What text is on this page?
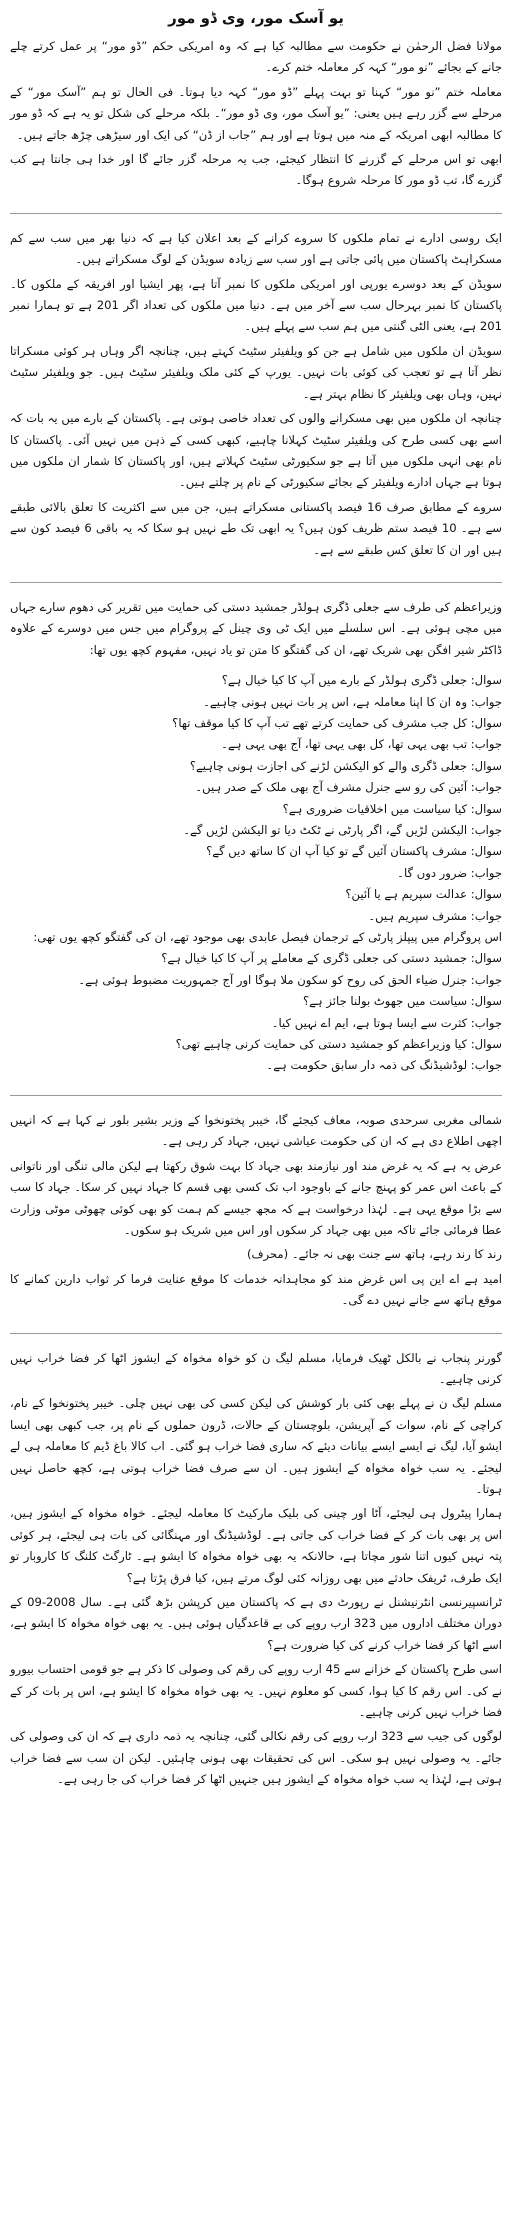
یو آسک مور، وی ڈو مور

مولانا فضل الرحمٰن نے حکومت سے مطالبہ کیا ہے کہ وہ امریکی حکم ”ڈو مور“ پر عمل کرتے چلے جانے کے بجائے ”نو مور“ کہہ کر معاملہ ختم کرے۔

معاملہ ختم ”نو مور“ کہنا تو بہت پہلے ”ڈو مور“ کہہ دیا ہوتا۔ فی الحال تو ہم ”آسک مور“ کے مرحلے سے گزر رہے ہیں یعنی: ”یو آسک مور، وی ڈو مور“۔ بلکہ مرحلے کی شکل تو یہ ہے کہ ڈو مور کا مطالبہ ابھی امریکہ کے منہ میں ہوتا ہے اور ہم ”جاب از ڈن“ کی ایک اور سیڑھی چڑھ جاتے ہیں۔

ابھی تو اس مرحلے کے گزرنے کا انتظار کیجئے، جب یہ مرحلہ گزر جائے گا اور خدا ہی جانتا ہے کب گزرے گا، تب ڈو مور کا مرحلہ شروع ہوگا۔

ایک روسی ادارے نے تمام ملکوں کا سروے کرانے کے بعد اعلان کیا ہے کہ دنیا بھر میں سب سے کم مسکراہٹ پاکستان میں پائی جاتی ہے اور سب سے زیادہ سویڈن کے لوگ مسکراتے ہیں۔

سویڈن کے بعد دوسرے یورپی اور امریکی ملکوں کا نمبر آتا ہے، پھر ایشیا اور افریقہ کے ملکوں کا۔ پاکستان کا نمبر بہرحال سب سے آخر میں ہے۔ دنیا میں ملکوں کی تعداد اگر 201 ہے تو ہمارا نمبر 201 ہے، یعنی الٹی گنتی میں ہم سب سے پہلے ہیں۔

سویڈن ان ملکوں میں شامل ہے جن کو ویلفیئر سٹیٹ کہتے ہیں، چنانچہ اگر وہاں ہر کوئی مسکراتا نظر آتا ہے تو تعجب کی کوئی بات نہیں۔ یورپ کے کئی ملک ویلفیئر سٹیٹ ہیں۔ جو ویلفیئر سٹیٹ نہیں، وہاں بھی ویلفیئر کا نظام بہتر ہے۔

چنانچہ ان ملکوں میں بھی مسکرانے والوں کی تعداد خاصی ہوتی ہے۔ پاکستان کے بارے میں یہ بات کہ اسے بھی کسی طرح کی ویلفیئر سٹیٹ کہلانا چاہیے، کبھی کسی کے ذہن میں نہیں آئی۔ پاکستان کا نام بھی انہی ملکوں میں آتا ہے جو سکیورٹی سٹیٹ کہلاتے ہیں، اور پاکستان کا شمار ان ملکوں میں ہوتا ہے جہاں ادارے ویلفیئر کے بجائے سکیورٹی کے نام پر چلتے ہیں۔

سروے کے مطابق صرف 16 فیصد پاکستانی مسکراتے ہیں، جن میں سے اکثریت کا تعلق بالائی طبقے سے ہے۔ 10 فیصد ستم ظریف کون ہیں؟ یہ ابھی تک طے نہیں ہو سکا کہ یہ باقی 6 فیصد کون سے ہیں اور ان کا تعلق کس طبقے سے ہے۔

وزیراعظم کی طرف سے جعلی ڈگری ہولڈر جمشید دستی کی حمایت میں تقریر کی دھوم سارے جہاں میں مچی ہوئی ہے۔ اس سلسلے میں ایک ٹی وی چینل کے پروگرام میں جس میں دوسرے کے علاوہ ڈاکٹر شیر افگن بھی شریک تھے، ان کی گفتگو کا متن تو یاد نہیں، مفہوم کچھ یوں تھا:

سوال: جعلی ڈگری ہولڈر کے بارے میں آپ کا کیا خیال ہے؟

جواب: وہ ان کا اپنا معاملہ ہے، اس پر بات نہیں ہونی چاہیے۔

سوال: کل جب مشرف کی حمایت کرتے تھے تب آپ کا کیا موقف تھا؟

جواب: تب بھی یہی تھا، کل بھی یہی تھا، آج بھی یہی ہے۔

سوال: جعلی ڈگری والے کو الیکشن لڑنے کی اجازت ہونی چاہیے؟

جواب: آئین کی رو سے جنرل مشرف آج بھی ملک کے صدر ہیں۔

سوال: کیا سیاست میں اخلاقیات ضروری ہے؟

جواب: الیکشن لڑیں گے، اگر پارٹی نے ٹکٹ دیا تو الیکشن لڑیں گے۔

سوال: مشرف پاکستان آئیں گے تو کیا آپ ان کا ساتھ دیں گے؟

جواب: ضرور دوں گا۔

سوال: عدالت سپریم ہے یا آئین؟

جواب: مشرف سپریم ہیں۔

اس پروگرام میں پیپلز پارٹی کے ترجمان فیصل عابدی بھی موجود تھے، ان کی گفتگو کچھ یوں تھی:

سوال: جمشید دستی کی جعلی ڈگری کے معاملے پر آپ کا کیا خیال ہے؟

جواب: جنرل ضیاء الحق کی روح کو سکون ملا ہوگا اور آج جمہوریت مضبوط ہوئی ہے۔

سوال: سیاست میں جھوٹ بولنا جائز ہے؟

جواب: کثرت سے ایسا ہوتا ہے، ایم اے نہیں کیا۔

سوال: کیا وزیراعظم کو جمشید دستی کی حمایت کرنی چاہیے تھی؟

جواب: لوڈشیڈنگ کی ذمہ دار سابق حکومت ہے۔

شمالی مغربی سرحدی صوبہ، معاف کیجئے گا، خیبر پختونخوا کے وزیر بشیر بلور نے کہا ہے کہ انہیں اچھی اطلاع دی ہے کہ ان کی حکومت عیاشی نہیں، جہاد کر رہی ہے۔

عرض یہ ہے کہ یہ غرض مند اور نیازمند بھی جہاد کا بہت شوق رکھتا ہے لیکن مالی تنگی اور ناتوانی کے باعث اس عمر کو پہنچ جانے کے باوجود اب تک کسی بھی قسم کا جہاد نہیں کر سکا۔ جہاد کا سب سے بڑا موقع یہی ہے۔ لہٰذا درخواست ہے کہ مجھ جیسے کم ہمت کو بھی کوئی چھوٹی موٹی وزارت عطا فرمائی جائے تاکہ میں بھی جہاد کر سکوں اور اس میں شریک ہو سکوں۔

رند کا رند رہے، ہاتھ سے جنت بھی نہ جائے۔ (محرف)

امید ہے اے این پی اس غرض مند کو مجاہدانہ خدمات کا موقع عنایت فرما کر ثواب دارین کمانے کا موقع ہاتھ سے جانے نہیں دے گی۔

گورنر پنجاب نے بالکل ٹھیک فرمایا، مسلم لیگ ن کو خواہ مخواہ کے ایشوز اٹھا کر فضا خراب نہیں کرنی چاہیے۔

مسلم لیگ ن نے پہلے بھی کئی بار کوشش کی لیکن کسی کی بھی نہیں چلی۔ خیبر پختونخوا کے نام، کراچی کے نام، سوات کے آپریشن، بلوچستان کے حالات، ڈرون حملوں کے نام پر، جب کبھی بھی ایسا ایشو آیا، لیگ نے ایسے ایسے بیانات دیئے کہ ساری فضا خراب ہو گئی۔ اب کالا باغ ڈیم کا معاملہ ہی لے لیجئے۔ یہ سب خواہ مخواہ کے ایشوز ہیں۔ ان سے صرف فضا خراب ہوتی ہے، کچھ حاصل نہیں ہوتا۔

ہمارا پیٹرول ہی لیجئے، آٹا اور چینی کی بلیک مارکیٹ کا معاملہ لیجئے۔ خواہ مخواہ کے ایشوز ہیں، اس پر بھی بات کر کے فضا خراب کی جاتی ہے۔ لوڈشیڈنگ اور مہنگائی کی بات ہی لیجئے، ہر کوئی پتہ نہیں کیوں اتنا شور مچاتا ہے، حالانکہ یہ بھی خواہ مخواہ کا ایشو ہے۔ ٹارگٹ کلنگ کا کاروبار تو ایک طرف، ٹریفک حادثے میں بھی روزانہ کئی لوگ مرتے ہیں، کیا فرق پڑتا ہے؟

ٹرانسپیرنسی انٹرنیشنل نے رپورٹ دی ہے کہ پاکستان میں کرپشن بڑھ گئی ہے۔ سال 2008-09 کے دوران مختلف اداروں میں 323 ارب روپے کی بے قاعدگیاں ہوئی ہیں۔ یہ بھی خواہ مخواہ کا ایشو ہے، اسے اٹھا کر فضا خراب کرنے کی کیا ضرورت ہے؟

اسی طرح پاکستان کے خزانے سے 45 ارب روپے کی رقم کی وصولی کا ذکر ہے جو قومی احتساب بیورو نے کی۔ اس رقم کا کیا ہوا، کسی کو معلوم نہیں۔ یہ بھی خواہ مخواہ کا ایشو ہے، اس پر بات کر کے فضا خراب نہیں کرنی چاہیے۔

لوگوں کی جیب سے 323 ارب روپے کی رقم نکالی گئی، چنانچہ یہ ذمہ داری ہے کہ ان کی وصولی کی جائے۔ یہ وصولی نہیں ہو سکی۔ اس کی تحقیقات بھی ہونی چاہئیں۔ لیکن ان سب سے فضا خراب ہوتی ہے، لہٰذا یہ سب خواہ مخواہ کے ایشوز ہیں جنہیں اٹھا کر فضا خراب کی جا رہی ہے۔
